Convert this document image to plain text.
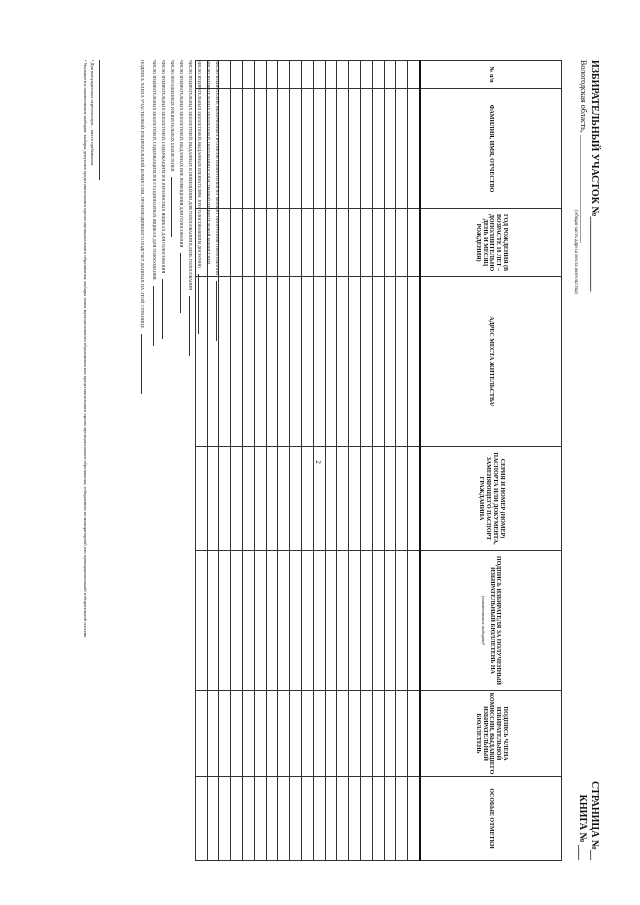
2
ИЗБИРАТЕЛЬНЫЙ УЧАСТОК №_______________
Вологодская область, ___________________________
(общая часть адреса места жительства)
СТРАНИЦА №__
КНИГА № ___
№ п/п	ФАМИЛИЯ, ИМЯ, ОТЧЕСТВО	ГОД РОЖДЕНИЯ (В ВОЗРАСТЕ 18 ЛЕТ – ДОПОЛНИТЕЛЬНО ДЕНЬ И МЕСЯЦ РОЖДЕНИЯ)	АДРЕС МЕСТА ЖИТЕЛЬСТВА¹	СЕРИЯ И НОМЕР (НОМЕР) ПАСПОРТА ИЛИ ДОКУМЕНТА, ЗАМЕНЯЮЩЕГО ПАСПОРТ ГРАЖДАНИНА	ПОДПИСЬ ИЗБИРАТЕЛЯ ЗА ПОЛУЧЕННЫЙ ИЗБИРАТЕЛЬНЫЙ БЮЛЛЕТЕНЬ НА
(наименование выборов)²	ПОДПИСЬ ЧЛЕНА ИЗБИРАТЕЛЬНОЙ КОМИССИИ, ВЫДАВШЕГО ИЗБИРАТЕЛЬНЫЙ БЮЛЛЕТЕНЬ	ОСОБЫЕ ОТМЕТКИ

ЧИСЛО ИЗБИРАТЕЛЕЙ, ВКЛЮЧЕННЫХ В СПИСОК ИЗБИРАТЕЛЕЙ НА МОМЕНТ ОКОНЧАНИЯ ГОЛОСОВАНИЯ
ЧИСЛО ИЗБИРАТЕЛЬНЫХ БЮЛЛЕТЕНЕЙ, ПОЛУЧЕННЫХ УЧАСТКОВОЙ ИЗБИРАТЕЛЬНОЙ КОМИССИЕЙ
ЧИСЛО ИЗБИРАТЕЛЬНЫХ БЮЛЛЕТЕНЕЙ, ВЫДАННЫХ ИЗБИРАТЕЛЯМ, ПРОГОЛОСОВАВШИМ ДОСРОЧНО
ЧИСЛО ИЗБИРАТЕЛЬНЫХ БЮЛЛЕТЕНЕЙ, ВЫДАННЫХ В ПОМЕЩЕНИИ ДЛЯ ГОЛОСОВАНИЯ В ДЕНЬ ГОЛОСОВАНИЯ
ЧИСЛО ИЗБИРАТЕЛЬНЫХ БЮЛЛЕТЕНЕЙ, ВЫДАННЫХ ВНЕ ПОМЕЩЕНИЯ ДЛЯ ГОЛОСОВАНИЯ
ЧИСЛО ПОГАШЕННЫХ ИЗБИРАТЕЛЬНЫХ БЮЛЛЕТЕНЕЙ
ЧИСЛО ИЗБИРАТЕЛЬНЫХ БЮЛЛЕТЕНЕЙ, СОДЕРЖАЩИХСЯ В ПЕРЕНОСНЫХ ЯЩИКАХ ДЛЯ ГОЛОСОВАНИЯ
ЧИСЛО ИЗБИРАТЕЛЬНЫХ БЮЛЛЕТЕНЕЙ, СОДЕРЖАЩИХСЯ В СТАЦИОНАРНЫХ ЯЩИКАХ ДЛЯ ГОЛОСОВАНИЯ
ПОДПИСЬ ЧЛЕНА УЧАСТКОВОЙ ИЗБИРАТЕЛЬНОЙ КОМИССИИ, ПРОИЗВОДИВШЕГО ПОДСЧЕТ ДАННЫХ НА ЭТОЙ СТРАНИЦЕ
¹ Для вынужденных переселенцев – место пребывания.
² Указывается наименование выборов: выборы депутатов представительного органа муниципального образования, выборы главы муниципального образования или представительного органа муниципального образования, избираемого по мажоритарной или пропорциональной избирательной системе.
